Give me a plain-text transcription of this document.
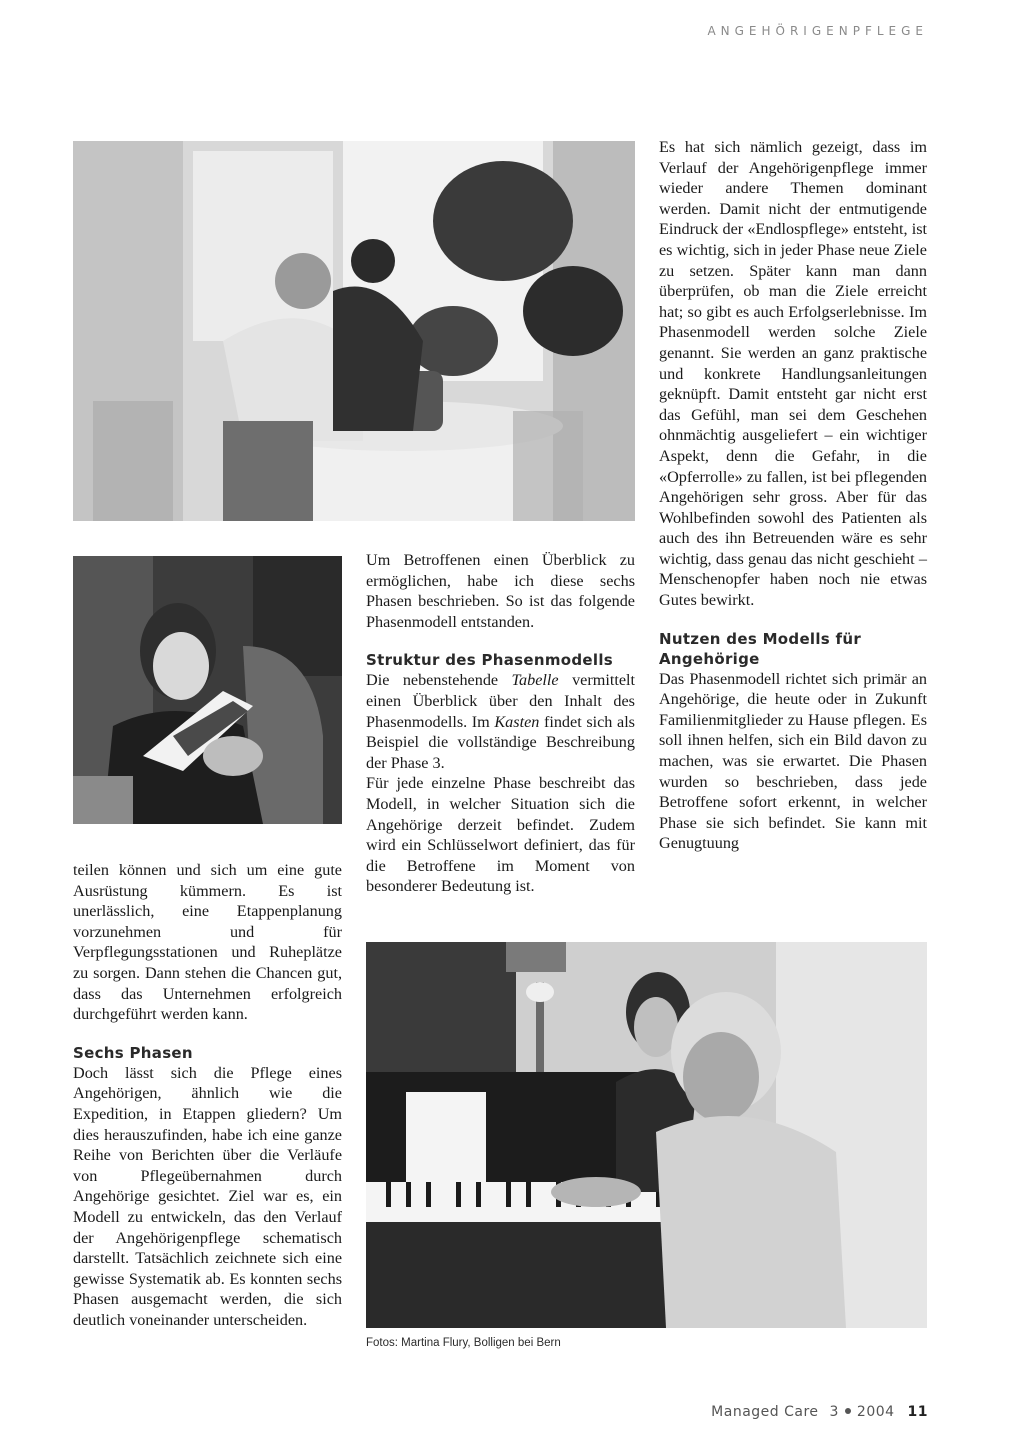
ANGEHÖRIGENPFLEGE

teilen können und sich um eine gute Ausrüstung kümmern. Es ist unerlässlich, eine Etappenplanung vorzunehmen und für Verpflegungsstationen und Ruheplätze zu sorgen. Dann stehen die Chancen gut, dass das Unternehmen erfolgreich durchgeführt werden kann.

Sechs Phasen

Doch lässt sich die Pflege eines Angehörigen, ähnlich wie die Expedition, in Etappen gliedern? Um dies herauszufinden, habe ich eine ganze Reihe von Berichten über die Verläufe von Pflegeübernahmen durch Angehörige gesichtet. Ziel war es, ein Modell zu entwickeln, das den Verlauf der Angehörigenpflege schematisch darstellt. Tatsächlich zeichnete sich eine gewisse Systematik ab. Es konnten sechs Phasen ausgemacht werden, die sich deutlich voneinander unterscheiden.

Um Betroffenen einen Überblick zu ermöglichen, habe ich diese sechs Phasen beschrieben. So ist das folgende Phasenmodell entstanden.

Struktur des Phasenmodells

Die nebenstehende Tabelle vermittelt einen Überblick über den Inhalt des Phasenmodells. Im Kasten findet sich als Beispiel die vollständige Beschreibung der Phase 3.

Für jede einzelne Phase beschreibt das Modell, in welcher Situation sich die Angehörige derzeit befindet. Zudem wird ein Schlüsselwort definiert, das für die Betroffene im Moment von besonderer Bedeutung ist.

Es hat sich nämlich gezeigt, dass im Verlauf der Angehörigenpflege immer wieder andere Themen dominant werden. Damit nicht der entmutigende Eindruck der «Endlospflege» entsteht, ist es wichtig, sich in jeder Phase neue Ziele zu setzen. Später kann man dann überprüfen, ob man die Ziele erreicht hat; so gibt es auch Erfolgserlebnisse. Im Phasenmodell werden solche Ziele genannt. Sie werden an ganz praktische und konkrete Handlungsanleitungen geknüpft. Damit entsteht gar nicht erst das Gefühl, man sei dem Geschehen ohnmächtig ausgeliefert – ein wichtiger Aspekt, denn die Gefahr, in die «Opferrolle» zu fallen, ist bei pflegenden Angehörigen sehr gross. Aber für das Wohlbefinden sowohl des Patienten als auch des ihn Betreuenden wäre es sehr wichtig, dass genau das nicht geschieht – Menschenopfer haben noch nie etwas Gutes bewirkt.

Nutzen des Modells für Angehörige

Das Phasenmodell richtet sich primär an Angehörige, die heute oder in Zukunft Familienmitglieder zu Hause pflegen. Es soll ihnen helfen, sich ein Bild davon zu machen, was sie erwartet. Die Phasen wurden so beschrieben, dass jede Betroffene sofort erkennt, in welcher Phase sie sich befindet. Sie kann mit Genugtuung

Fotos: Martina Flury, Bolligen bei Bern
Managed Care 3 2004 11
